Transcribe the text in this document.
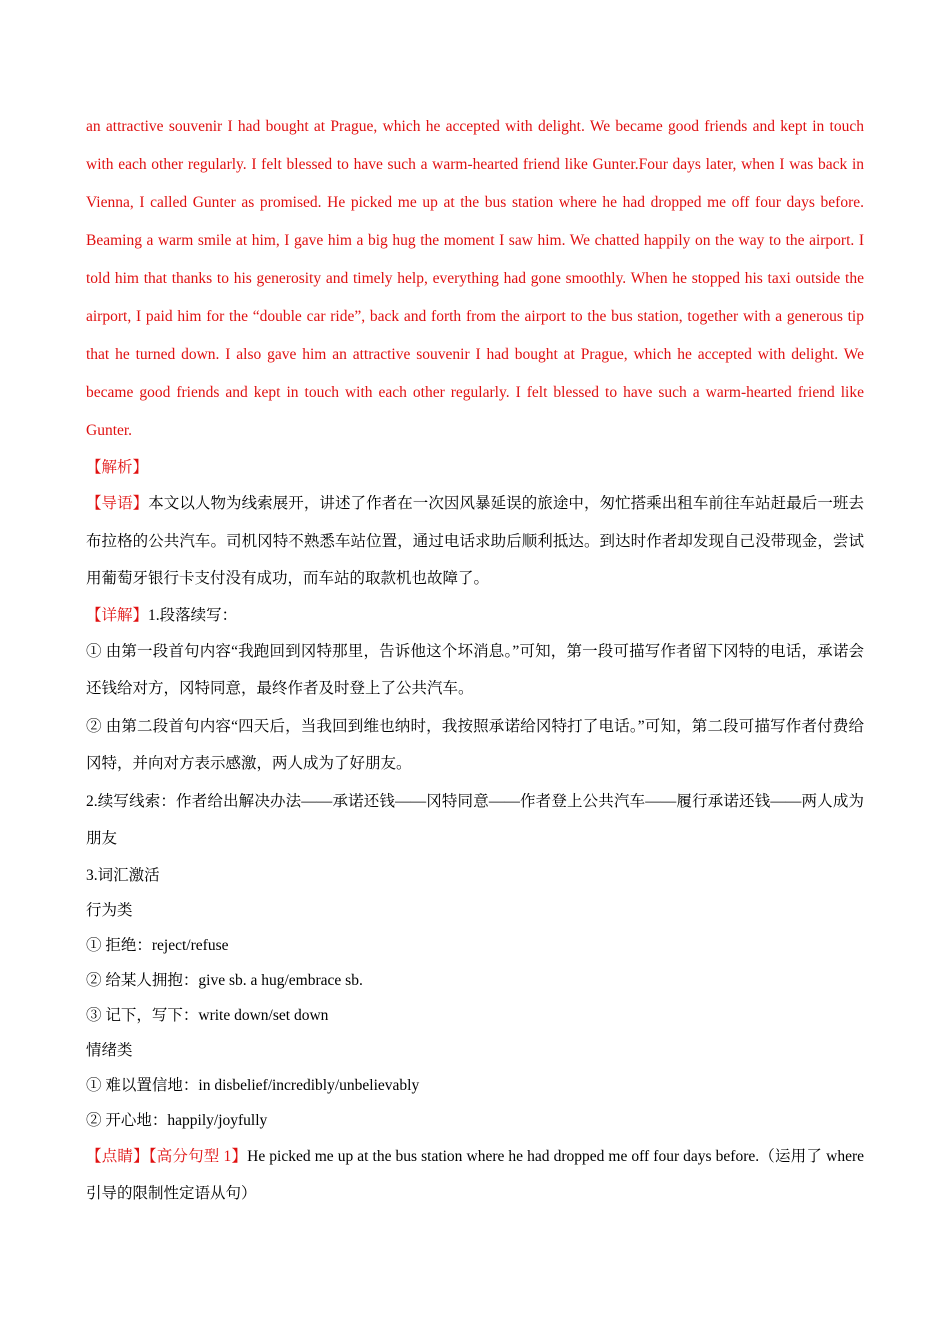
an attractive souvenir I had bought at Prague, which he accepted with delight. We became good friends and kept in touch with each other regularly. I felt blessed to have such a warm-hearted friend like Gunter.Four days later, when I was back in Vienna, I called Gunter as promised. He picked me up at the bus station where he had dropped me off four days before. Beaming a warm smile at him, I gave him a big hug the moment I saw him. We chatted happily on the way to the airport. I told him that thanks to his generosity and timely help, everything had gone smoothly. When he stopped his taxi outside the airport, I paid him for the “double car ride”, back and forth from the airport to the bus station, together with a generous tip that he turned down. I also gave him an attractive souvenir I had bought at Prague, which he accepted with delight. We became good friends and kept in touch with each other regularly. I felt blessed to have such a warm-hearted friend like Gunter.

【解析】

【导语】本文以人物为线索展开，讲述了作者在一次因风暴延误的旅途中，匆忙搭乘出租车前往车站赶最后一班去布拉格的公共汽车。司机冈特不熟悉车站位置，通过电话求助后顺利抵达。到达时作者却发现自己没带现金，尝试用葡萄牙银行卡支付没有成功，而车站的取款机也故障了。

【详解】1.段落续写：

① 由第一段首句内容“我跑回到冈特那里，告诉他这个坏消息。”可知，第一段可描写作者留下冈特的电话，承诺会还钱给对方，冈特同意，最终作者及时登上了公共汽车。

② 由第二段首句内容“四天后，当我回到维也纳时，我按照承诺给冈特打了电话。”可知，第二段可描写作者付费给冈特，并向对方表示感激，两人成为了好朋友。

2.续写线索：作者给出解决办法——承诺还钱——冈特同意——作者登上公共汽车——履行承诺还钱——两人成为朋友

3.词汇激活

行为类

① 拒绝：reject/refuse

② 给某人拥抱：give sb. a hug/embrace sb.

③ 记下，写下：write down/set down

情绪类

① 难以置信地：in disbelief/incredibly/unbelievably

② 开心地：happily/joyfully

【点睛】【高分句型 1】He picked me up at the bus station where he had dropped me off four days before.（运用了 where 引导的限制性定语从句）
